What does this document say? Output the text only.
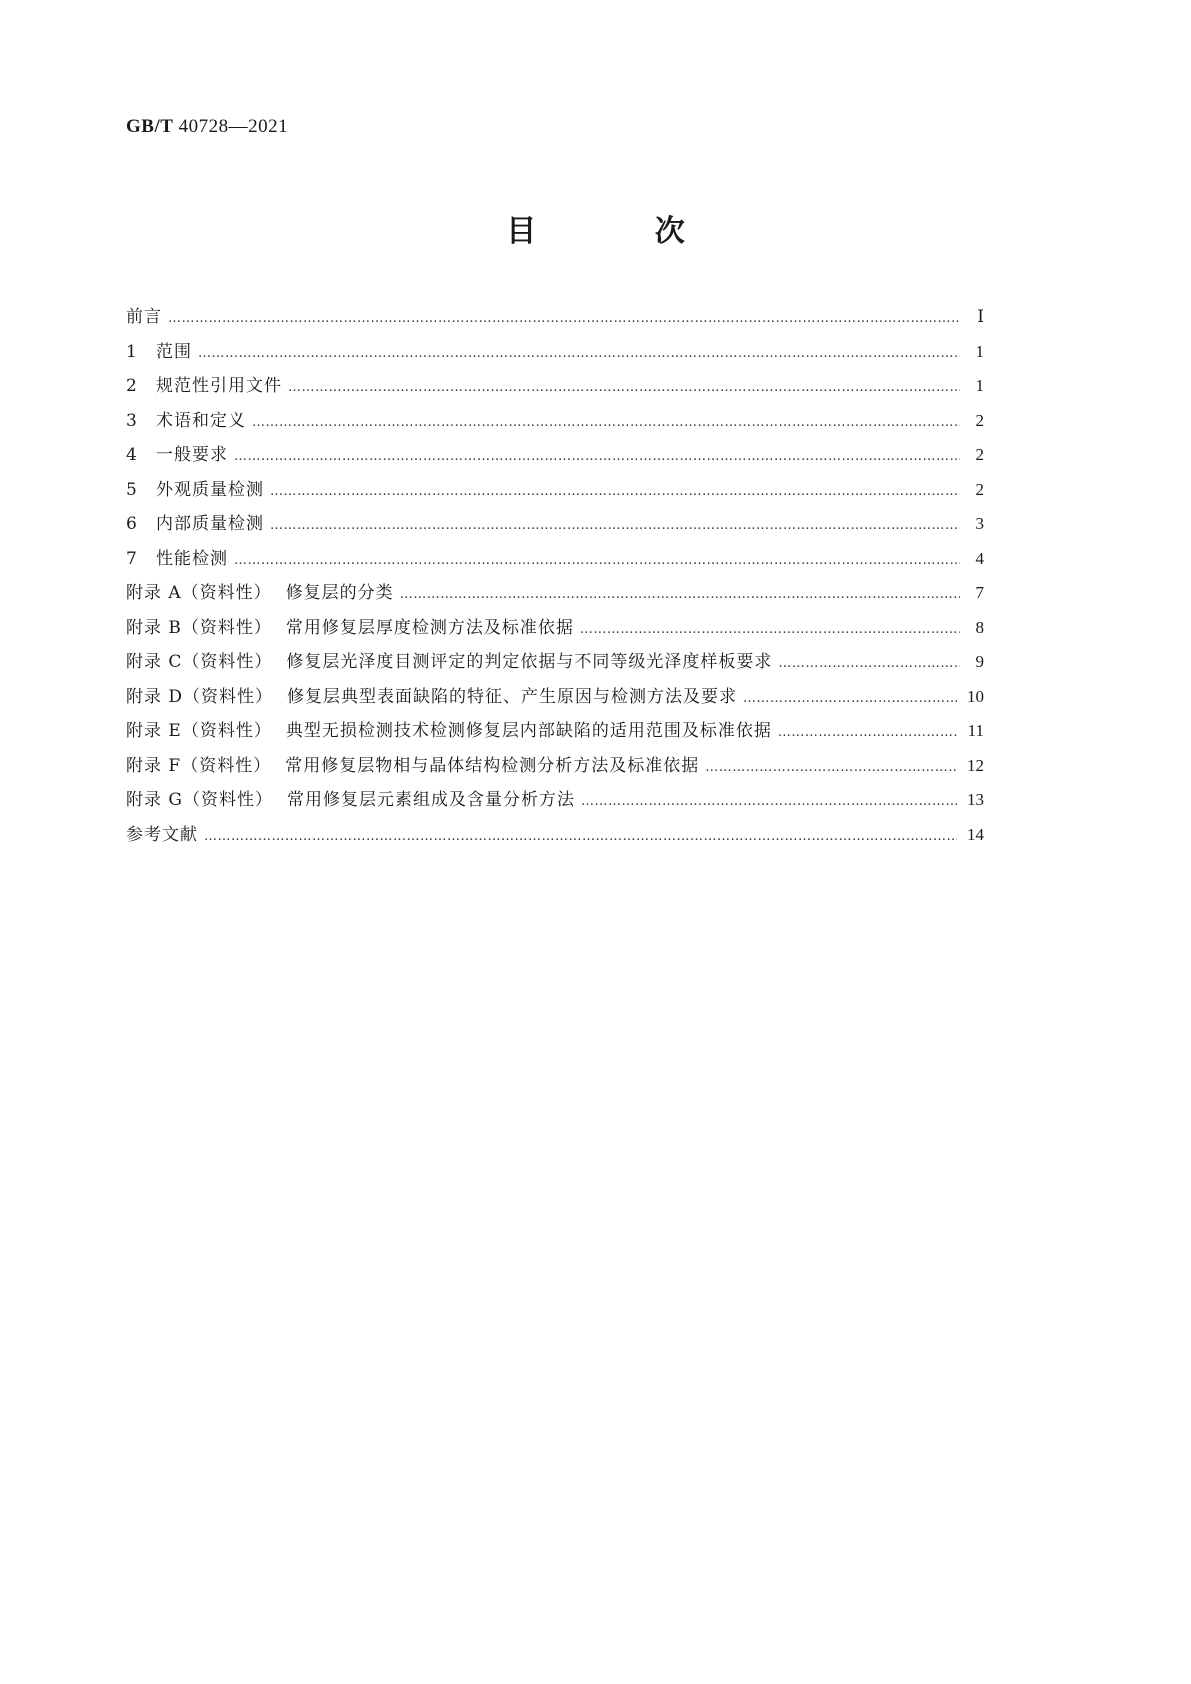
GB/T 40728—2021
目 次
前言 ……………………………………………………………………………………………………………………………………………………………………………………………………	Ⅰ
1	范围 ……………………………………………………………………………………………………………………………………………………………………………………………………	1
2	规范性引用文件 ……………………………………………………………………………………………………………………………………………………………………………………………………	1
3	术语和定义 ……………………………………………………………………………………………………………………………………………………………………………………………………	2
4	一般要求 ……………………………………………………………………………………………………………………………………………………………………………………………………	2
5	外观质量检测 ……………………………………………………………………………………………………………………………………………………………………………………………………	2
6	内部质量检测 ……………………………………………………………………………………………………………………………………………………………………………………………………	3
7	性能检测 ……………………………………………………………………………………………………………………………………………………………………………………………………	4
附录 A（资料性） 修复层的分类 ……………………………………………………………………………………………………………………………………………………………………………………………………	7
附录 B（资料性） 常用修复层厚度检测方法及标准依据 ……………………………………………………………………………………………………………………………………………………………………………………………………	8
附录 C（资料性） 修复层光泽度目测评定的判定依据与不同等级光泽度样板要求 ……………………………………………………………………………………………………………………………………………………………………………………………………	9
附录 D（资料性） 修复层典型表面缺陷的特征、产生原因与检测方法及要求 ……………………………………………………………………………………………………………………………………………………………………………………………………	10
附录 E（资料性） 典型无损检测技术检测修复层内部缺陷的适用范围及标准依据 ……………………………………………………………………………………………………………………………………………………………………………………………………	11
附录 F（资料性） 常用修复层物相与晶体结构检测分析方法及标准依据 ……………………………………………………………………………………………………………………………………………………………………………………………………	12
附录 G（资料性） 常用修复层元素组成及含量分析方法 ……………………………………………………………………………………………………………………………………………………………………………………………………	13
参考文献 ……………………………………………………………………………………………………………………………………………………………………………………………………	14
